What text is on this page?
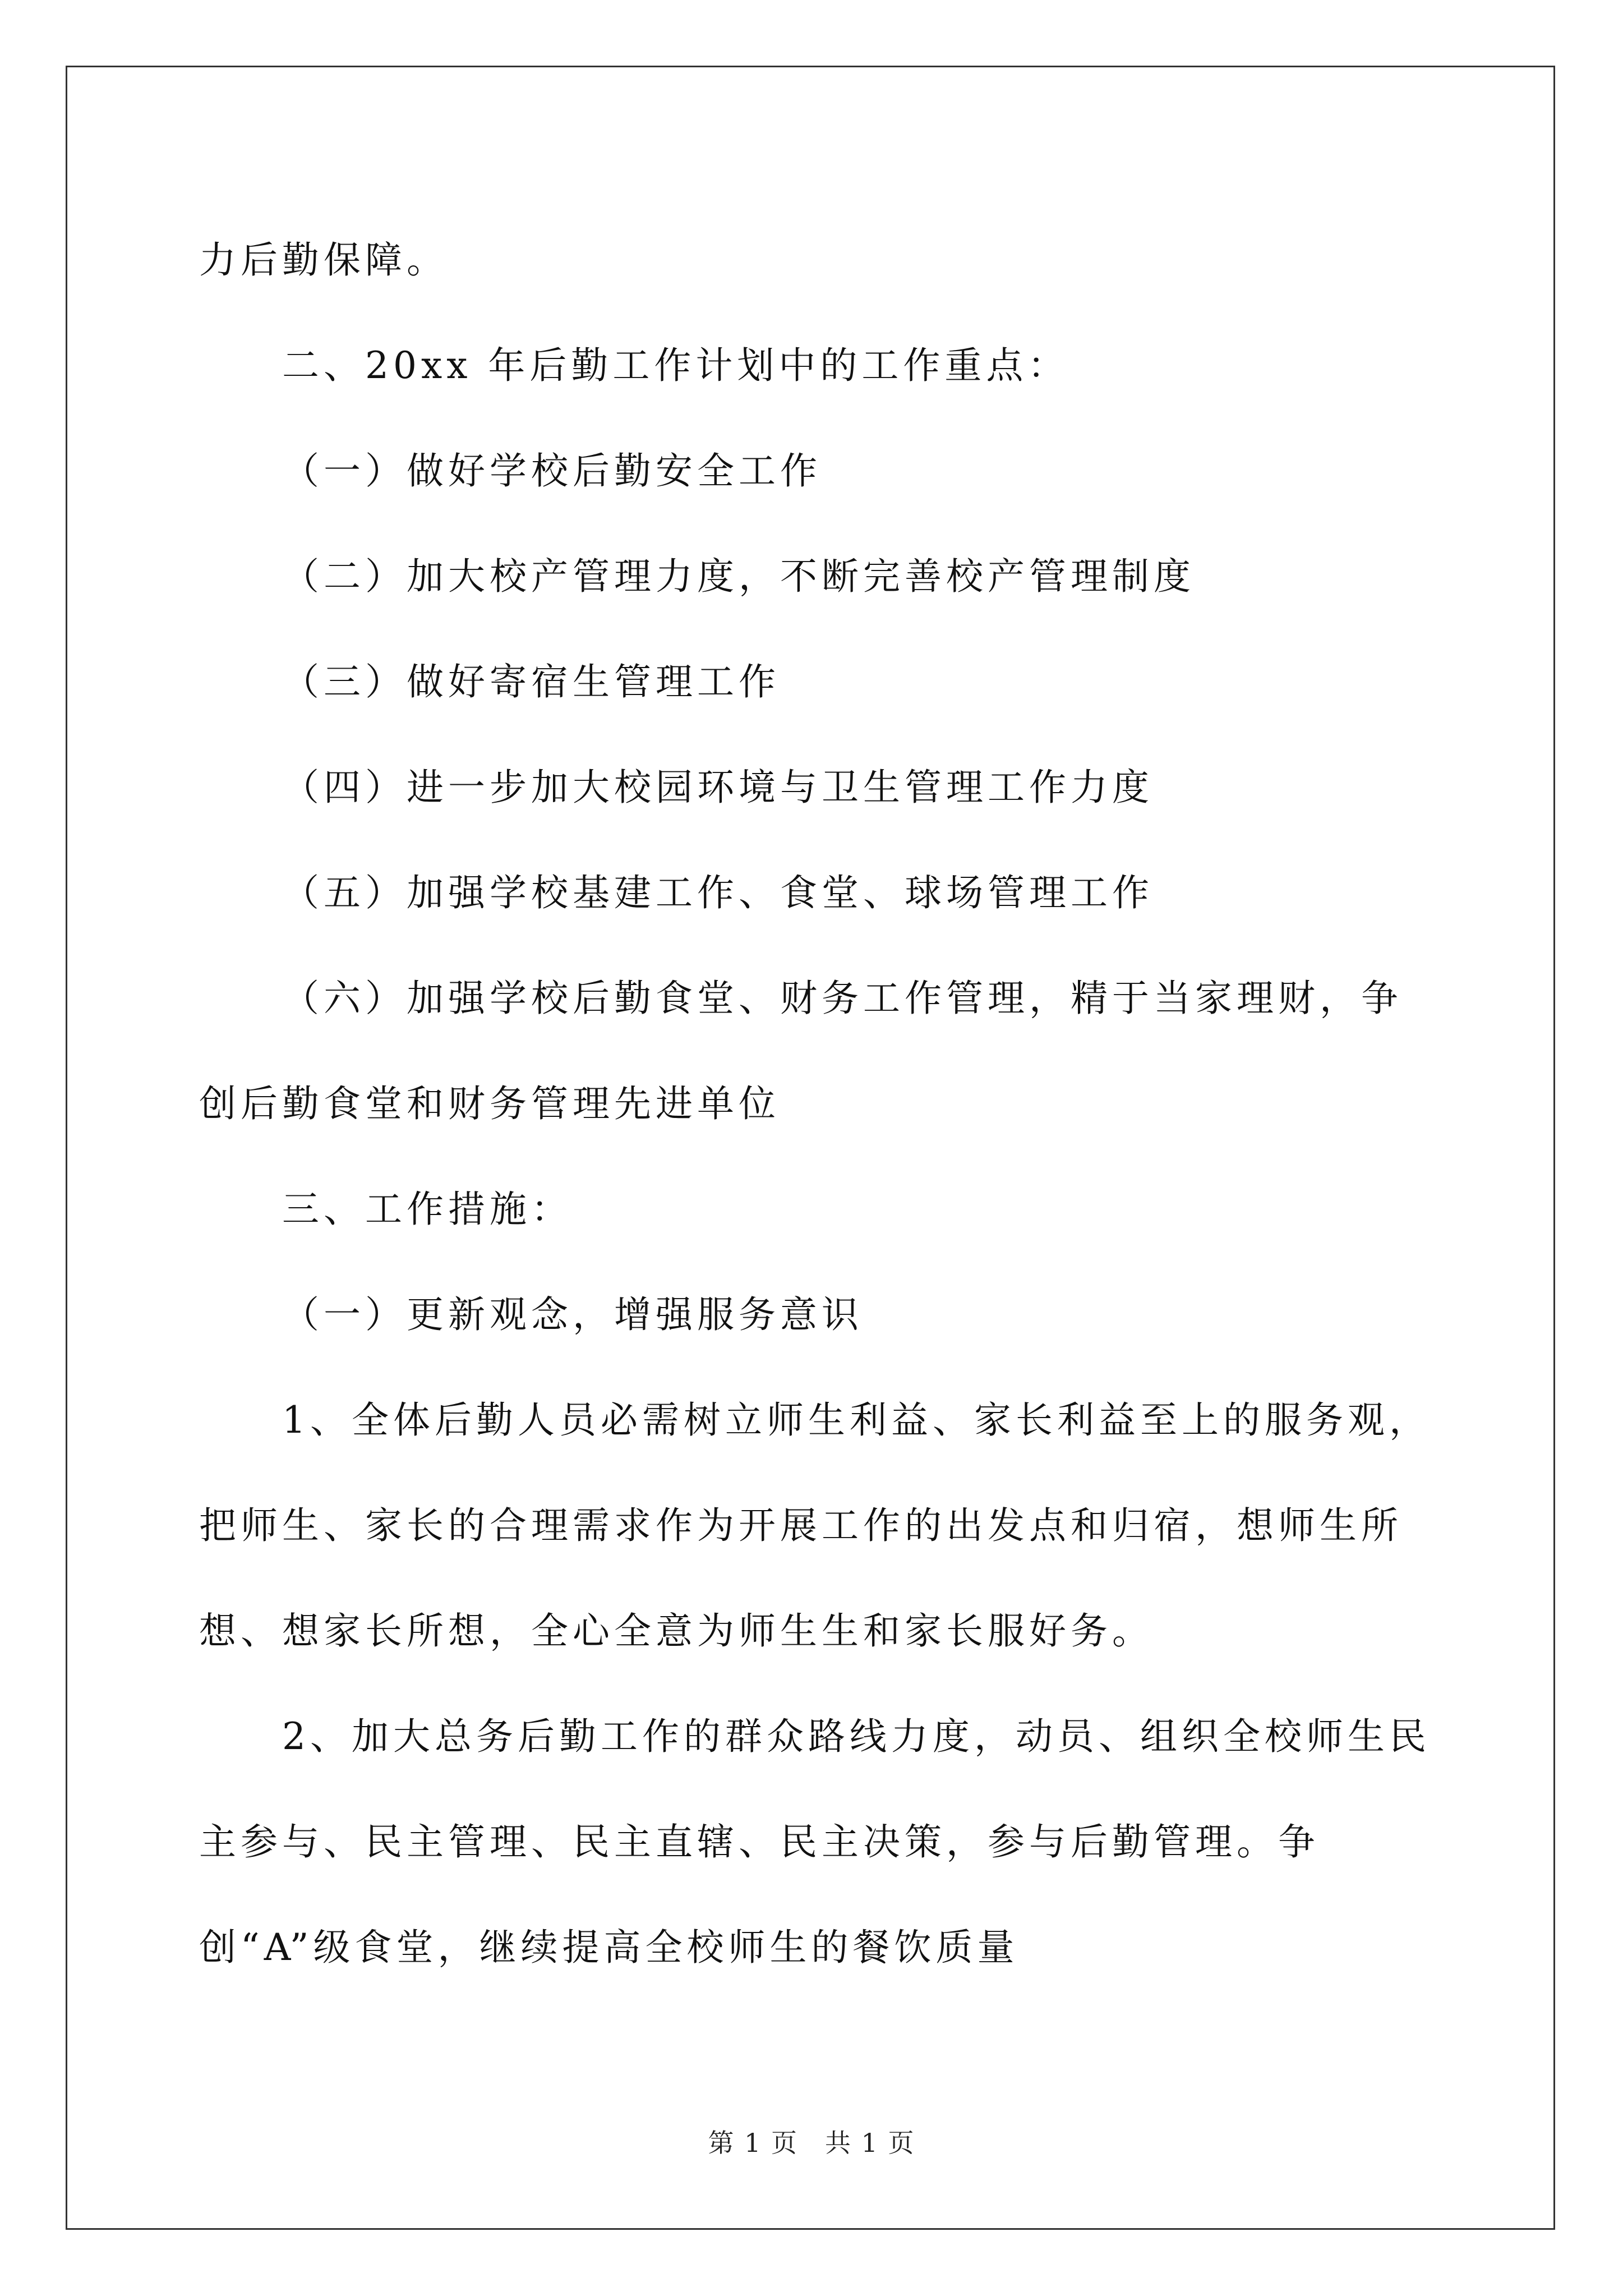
力后勤保障。

二、20xx 年后勤工作计划中的工作重点：

（一）做好学校后勤安全工作

（二）加大校产管理力度，不断完善校产管理制度

（三）做好寄宿生管理工作

（四）进一步加大校园环境与卫生管理工作力度

（五）加强学校基建工作、食堂、球场管理工作

（六）加强学校后勤食堂、财务工作管理，精于当家理财，争创后勤食堂和财务管理先进单位

三、工作措施：

（一）更新观念，增强服务意识

1、全体后勤人员必需树立师生利益、家长利益至上的服务观，把师生、家长的合理需求作为开展工作的出发点和归宿，想师生所想、想家长所想，全心全意为师生生和家长服好务。

2、加大总务后勤工作的群众路线力度，动员、组织全校师生民主参与、民主管理、民主直辖、民主决策，参与后勤管理。争创“A”级食堂，继续提高全校师生的餐饮质量

第 1 页　共 1 页
